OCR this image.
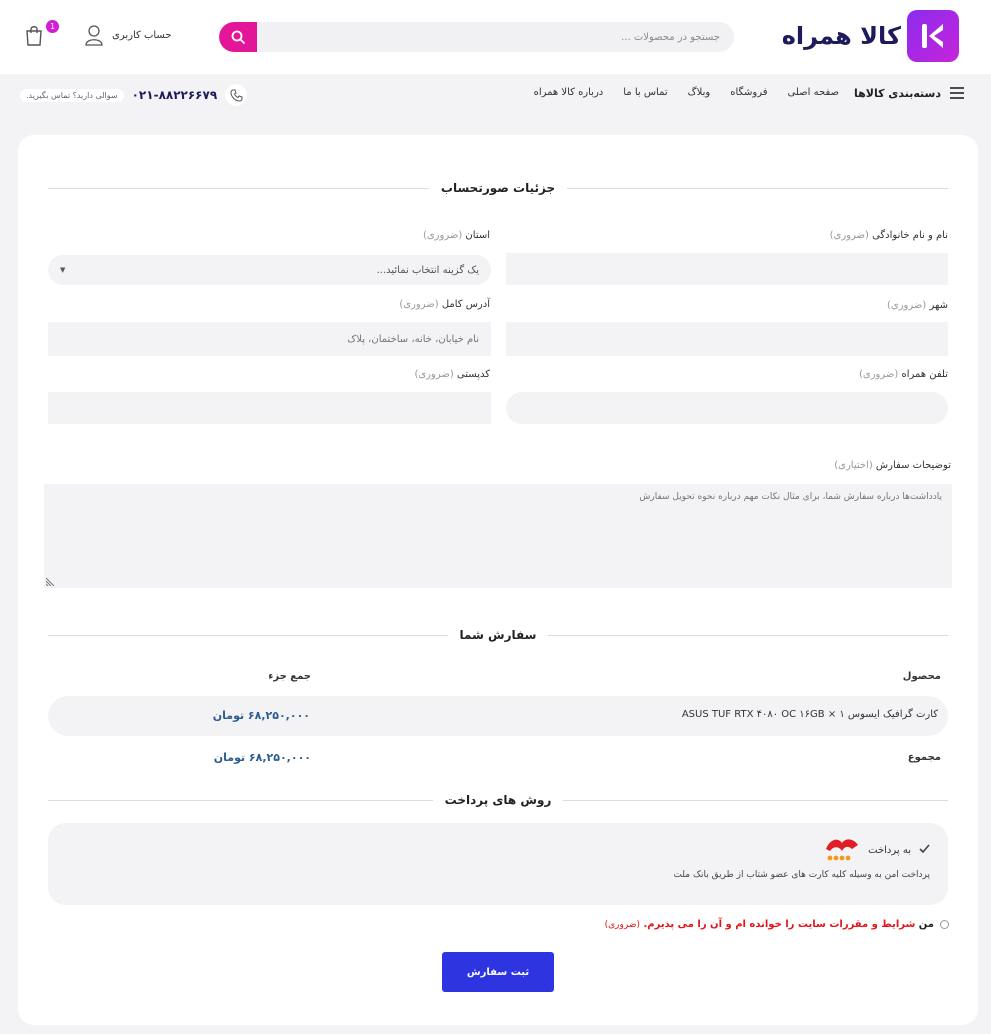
کالا همراه
جستجو در محصولات ...
حساب کاربری
1
دسته‌بندی کالاها
صفحه اصلی
فروشگاه
وبلاگ
تماس با ما
درباره کالا همراه
سوالی دارید؟ تماس بگیرید.	۰۲۱-۸۸۲۲۶۶۷۹
جزئیات صورتحساب
نام و نام خانوادگی (ضروری)
استان (ضروری)
یک گزینه انتخاب نمائید...
▼
شهر (ضروری)
آدرس کامل (ضروری)
نام خیابان، خانه، ساختمان، پلاک
تلفن همراه (ضروری)
کدپستی (ضروری)
توضیحات سفارش (اختیاری)
یادداشت‌ها درباره سفارش شما، برای مثال نکات مهم درباره نحوه تحویل سفارش
سفارش شما
محصول
جمع جزء
کارت گرافیک ایسوس ASUS TUF RTX ۴۰۸۰ OC ۱۶GB × ۱
۶۸,۲۵۰,۰۰۰ تومان
مجموع
۶۸,۲۵۰,۰۰۰ تومان
روش های پرداخت
به پرداخت
پرداخت امن به وسیله کلیه کارت های عضو شتاب از طریق بانک ملت
من شرایط و مقررات سایت را خوانده ام و آن را می پذیرم. (ضروری)
ثبت سفارش
